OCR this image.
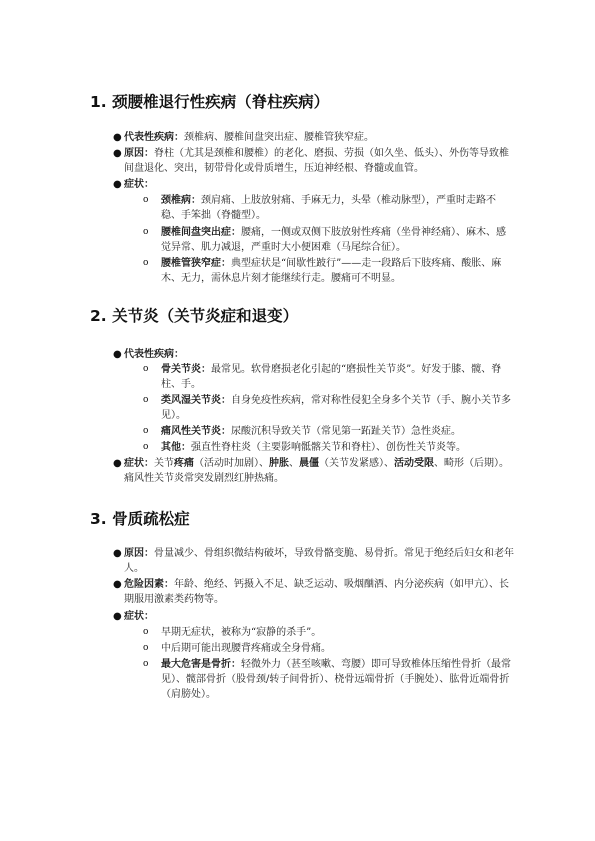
1. 颈腰椎退行性疾病（脊柱疾病）
● 代表性疾病：颈椎病、腰椎间盘突出症、腰椎管狭窄症。
● 原因：脊柱（尤其是颈椎和腰椎）的老化、磨损、劳损（如久坐、低头）、外伤等导致椎间盘退化、突出，韧带骨化或骨质增生，压迫神经根、脊髓或血管。
● 症状：
o 颈椎病：颈肩痛、上肢放射痛、手麻无力，头晕（椎动脉型），严重时走路不稳、手笨拙（脊髓型）。
o 腰椎间盘突出症：腰痛，一侧或双侧下肢放射性疼痛（坐骨神经痛）、麻木、感觉异常、肌力减退，严重时大小便困难（马尾综合征）。
o 腰椎管狭窄症：典型症状是“间歇性跛行”——走一段路后下肢疼痛、酸胀、麻木、无力，需休息片刻才能继续行走。腰痛可不明显。
2. 关节炎（关节炎症和退变）
● 代表性疾病：
o 骨关节炎：最常见。软骨磨损老化引起的“磨损性关节炎”。好发于膝、髋、脊柱、手。
o 类风湿关节炎：自身免疫性疾病，常对称性侵犯全身多个关节（手、腕小关节多见）。
o 痛风性关节炎：尿酸沉积导致关节（常见第一跖趾关节）急性炎症。
o 其他：强直性脊柱炎（主要影响骶髂关节和脊柱）、创伤性关节炎等。
● 症状：关节疼痛（活动时加剧）、肿胀、晨僵（关节发紧感）、活动受限、畸形（后期）。痛风性关节炎常突发剧烈红肿热痛。
3. 骨质疏松症
● 原因：骨量减少、骨组织微结构破坏，导致骨骼变脆、易骨折。常见于绝经后妇女和老年人。
● 危险因素：年龄、绝经、钙摄入不足、缺乏运动、吸烟酗酒、内分泌疾病（如甲亢）、长期服用激素类药物等。
● 症状：
o 早期无症状，被称为“寂静的杀手”。
o 中后期可能出现腰背疼痛或全身骨痛。
o 最大危害是骨折：轻微外力（甚至咳嗽、弯腰）即可导致椎体压缩性骨折（最常见）、髋部骨折（股骨颈/转子间骨折）、桡骨远端骨折（手腕处）、肱骨近端骨折（肩膀处）。
